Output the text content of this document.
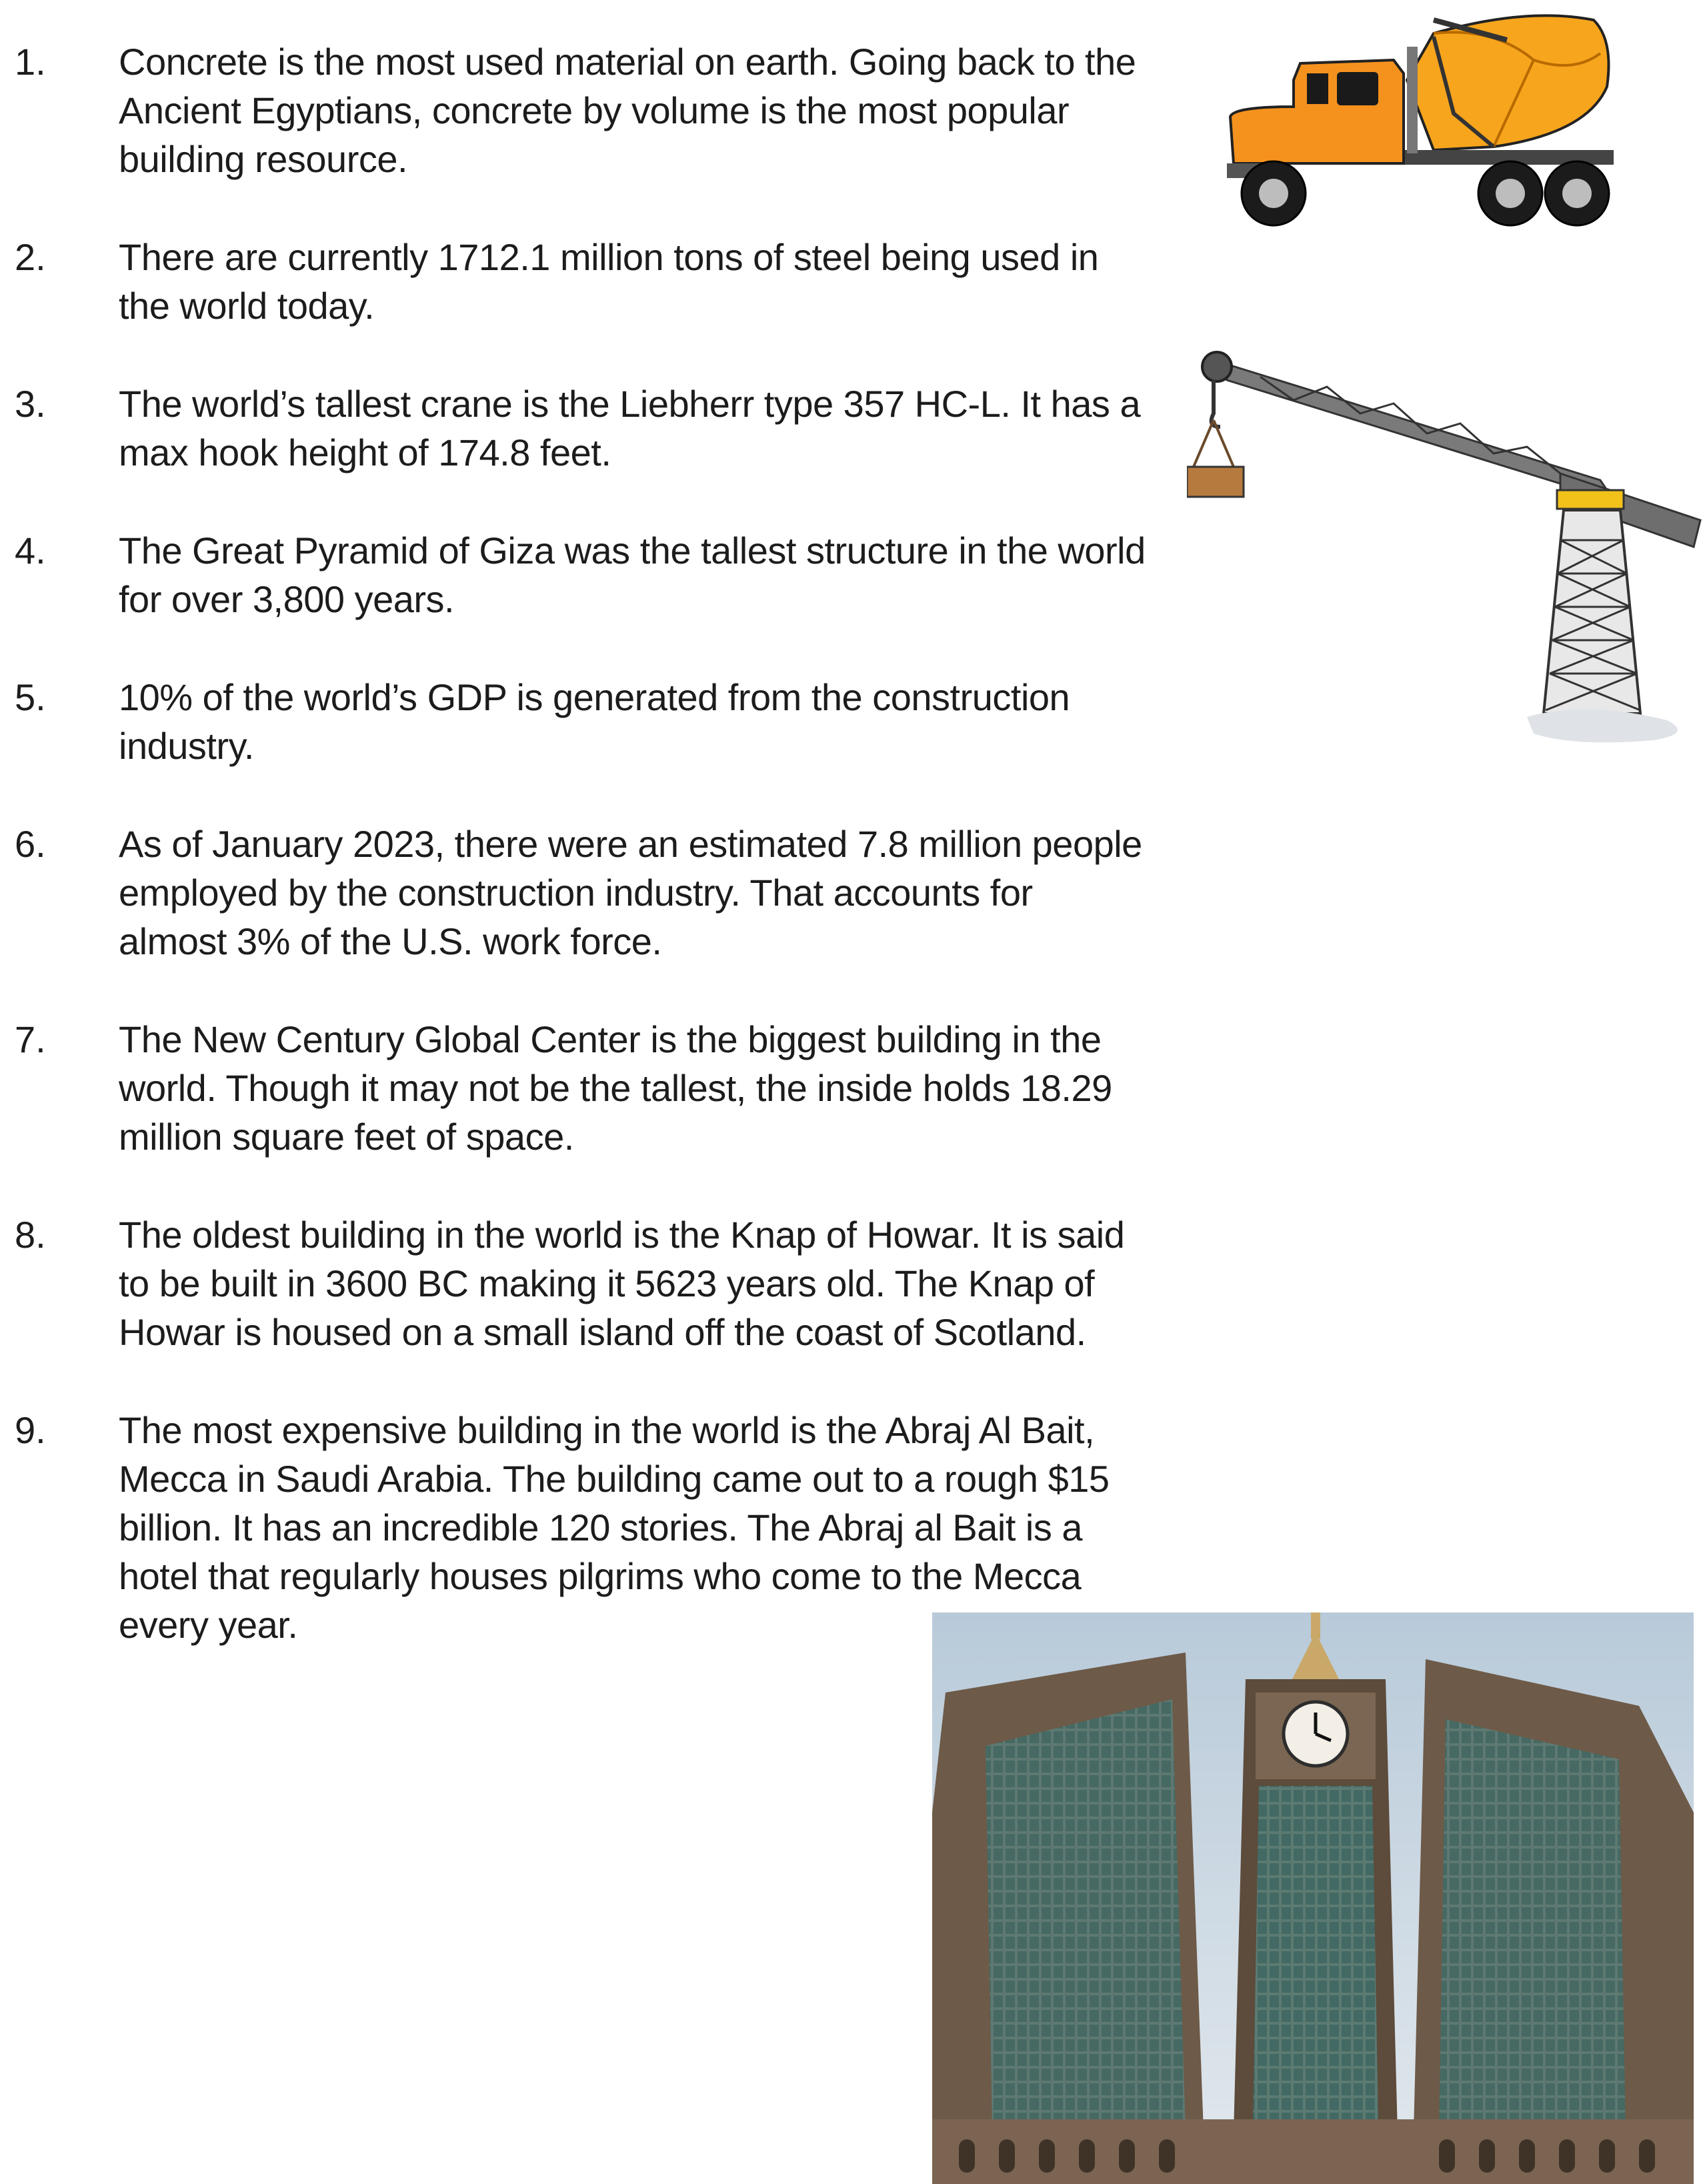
1. Concrete is the most used material on earth. Going back to the
Ancient Egyptians, concrete by volume is the most popular
building resource.
2. There are currently 1712.1 million tons of steel being used in
the world today.
3. The world’s tallest crane is the Liebherr type 357 HC-L. It has a
max hook height of 174.8 feet.
4. The Great Pyramid of Giza was the tallest structure in the world
for over 3,800 years.
5. 10% of the world’s GDP is generated from the construction
industry.
6. As of January 2023, there were an estimated 7.8 million people
employed by the construction industry. That accounts for
almost 3% of the U.S. work force.
7. The New Century Global Center is the biggest building in the
world. Though it may not be the tallest, the inside holds 18.29
million square feet of space.
8. The oldest building in the world is the Knap of Howar. It is said
to be built in 3600 BC making it 5623 years old. The Knap of
Howar is housed on a small island off the coast of Scotland.
9. The most expensive building in the world is the Abraj Al Bait,
Mecca in Saudi Arabia. The building came out to a rough $15
billion. It has an incredible 120 stories. The Abraj al Bait is a
hotel that regularly houses pilgrims who come to the Mecca
every year.
